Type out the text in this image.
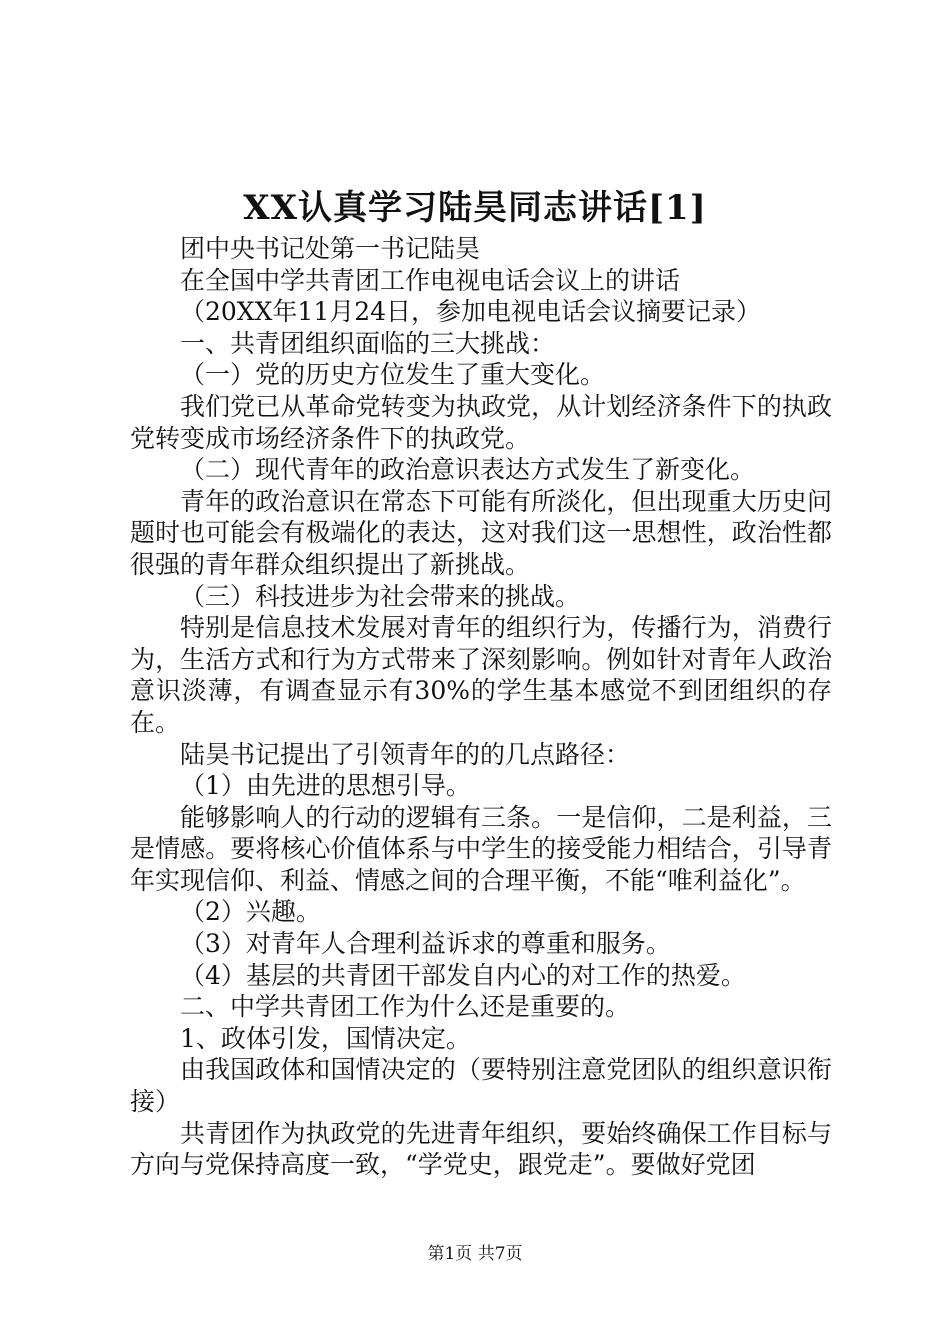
XX认真学习陆昊同志讲话[1]

团中央书记处第一书记陆昊

在全国中学共青团工作电视电话会议上的讲话

（20XX年11月24日，参加电视电话会议摘要记录）

一、共青团组织面临的三大挑战：

（一）党的历史方位发生了重大变化。

我们党已从革命党转变为执政党，从计划经济条件下的执政党转变成市场经济条件下的执政党。

（二）现代青年的政治意识表达方式发生了新变化。

青年的政治意识在常态下可能有所淡化，但出现重大历史问题时也可能会有极端化的表达，这对我们这一思想性，政治性都很强的青年群众组织提出了新挑战。

（三）科技进步为社会带来的挑战。

特别是信息技术发展对青年的组织行为，传播行为，消费行为，生活方式和行为方式带来了深刻影响。例如针对青年人政治意识淡薄，有调查显示有30%的学生基本感觉不到团组织的存在。

陆昊书记提出了引领青年的的几点路径：

（1）由先进的思想引导。

能够影响人的行动的逻辑有三条。一是信仰，二是利益，三是情感。要将核心价值体系与中学生的接受能力相结合，引导青年实现信仰、利益、情感之间的合理平衡，不能“唯利益化”。

（2）兴趣。

（3）对青年人合理利益诉求的尊重和服务。

（4）基层的共青团干部发自内心的对工作的热爱。

二、中学共青团工作为什么还是重要的。

1、政体引发，国情决定。

由我国政体和国情决定的（要特别注意党团队的组织意识衔接）

共青团作为执政党的先进青年组织，要始终确保工作目标与方向与党保持高度一致，“学党史，跟党走”。要做好党团

第1页 共7页
